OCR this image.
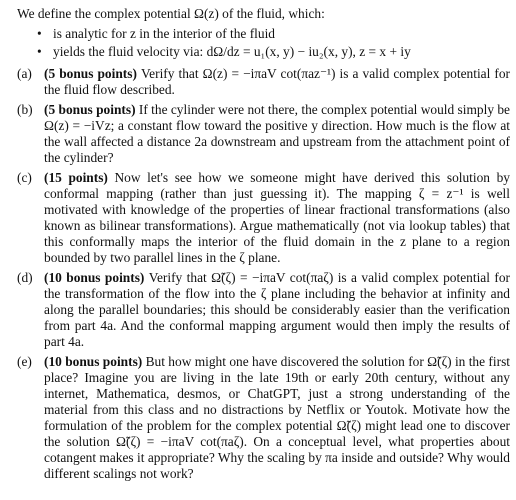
We define the complex potential Ω(z) of the fluid, which:

• is analytic for z in the interior of the fluid
• yields the fluid velocity via: dΩ/dz = u₁(x, y) − iu₂(x, y), z = x + iy
(a) (5 bonus points) Verify that Ω(z) = −iπaV cot(πaz⁻¹) is a valid complex potential for the fluid flow described.
(b) (5 bonus points) If the cylinder were not there, the complex potential would simply be Ω(z) = −iVz; a constant flow toward the positive y direction. How much is the flow at the wall affected a distance 2a downstream and upstream from the attachment point of the cylinder?
(c) (15 points) Now let's see how we someone might have derived this solution by conformal mapping (rather than just guessing it). The mapping ζ = z⁻¹ is well motivated with knowledge of the properties of linear fractional transformations (also known as bilinear transformations). Argue mathematically (not via lookup tables) that this conformally maps the interior of the fluid domain in the z plane to a region bounded by two parallel lines in the ζ plane.
(d) (10 bonus points) Verify that Ω̃(ζ) = −iπaV cot(πaζ) is a valid complex potential for the transformation of the flow into the ζ plane including the behavior at infinity and along the parallel boundaries; this should be considerably easier than the verification from part 4a. And the conformal mapping argument would then imply the results of part 4a.
(e) (10 bonus points) But how might one have discovered the solution for Ω̃(ζ) in the first place? Imagine you are living in the late 19th or early 20th century, without any internet, Mathematica, desmos, or ChatGPT, just a strong understanding of the material from this class and no distractions by Netflix or Youtok. Motivate how the formulation of the problem for the complex potential Ω̃(ζ) might lead one to discover the solution Ω̃(ζ) = −iπaV cot(πaζ). On a conceptual level, what properties about cotangent makes it appropriate? Why the scaling by πa inside and outside? Why would different scalings not work?
